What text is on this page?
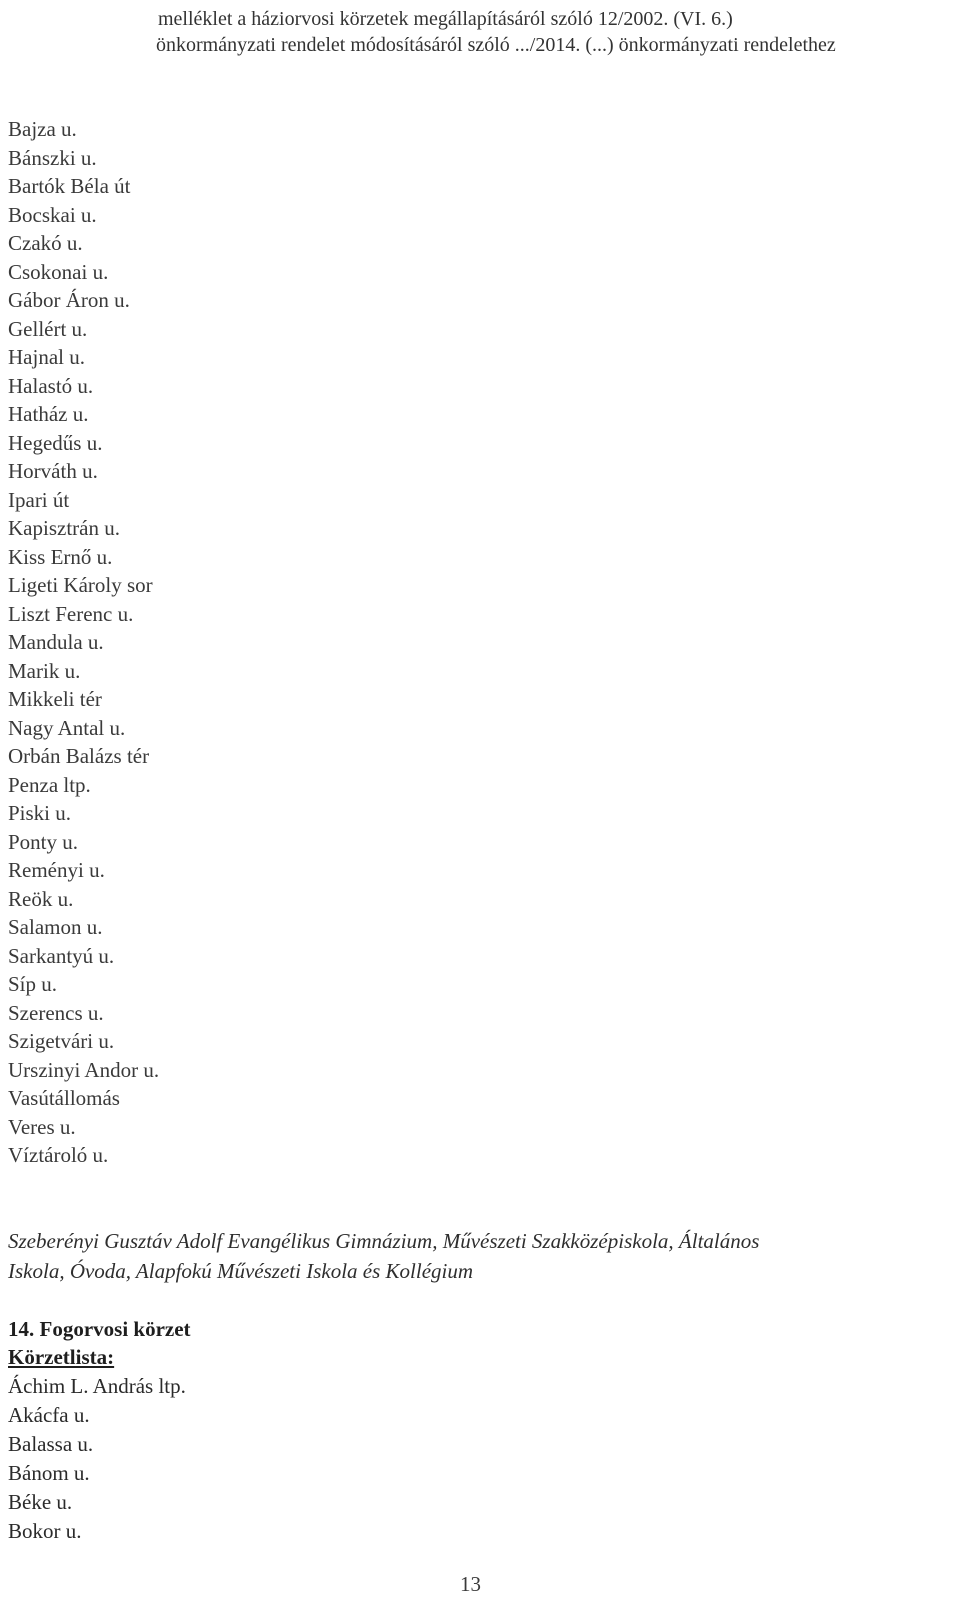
melléklet a háziorvosi körzetek megállapításáról szóló 12/2002. (VI. 6.)
önkormányzati rendelet módosításáról szóló .../2014. (...) önkormányzati rendelethez
Bajza u.
Bánszki u.
Bartók Béla út
Bocskai u.
Czakó u.
Csokonai u.
Gábor Áron u.
Gellért u.
Hajnal u.
Halastó u.
Hatház u.
Hegedűs u.
Horváth u.
Ipari út
Kapisztrán u.
Kiss Ernő u.
Ligeti Károly sor
Liszt Ferenc u.
Mandula u.
Marik u.
Mikkeli tér
Nagy Antal u.
Orbán Balázs tér
Penza ltp.
Piski u.
Ponty u.
Reményi u.
Reök u.
Salamon u.
Sarkantyú u.
Síp u.
Szerencs u.
Szigetvári u.
Urszinyi Andor u.
Vasútállomás
Veres u.
Víztároló u.

Szeberényi Gusztáv Adolf Evangélikus Gimnázium, Művészeti Szakközépiskola, Általános
Iskola, Óvoda, Alapfokú Művészeti Iskola és Kollégium

14. Fogorvosi körzet

Körzetlista:

Áchim L. András ltp.
Akácfa u.
Balassa u.
Bánom u.
Béke u.
Bokor u.
13
